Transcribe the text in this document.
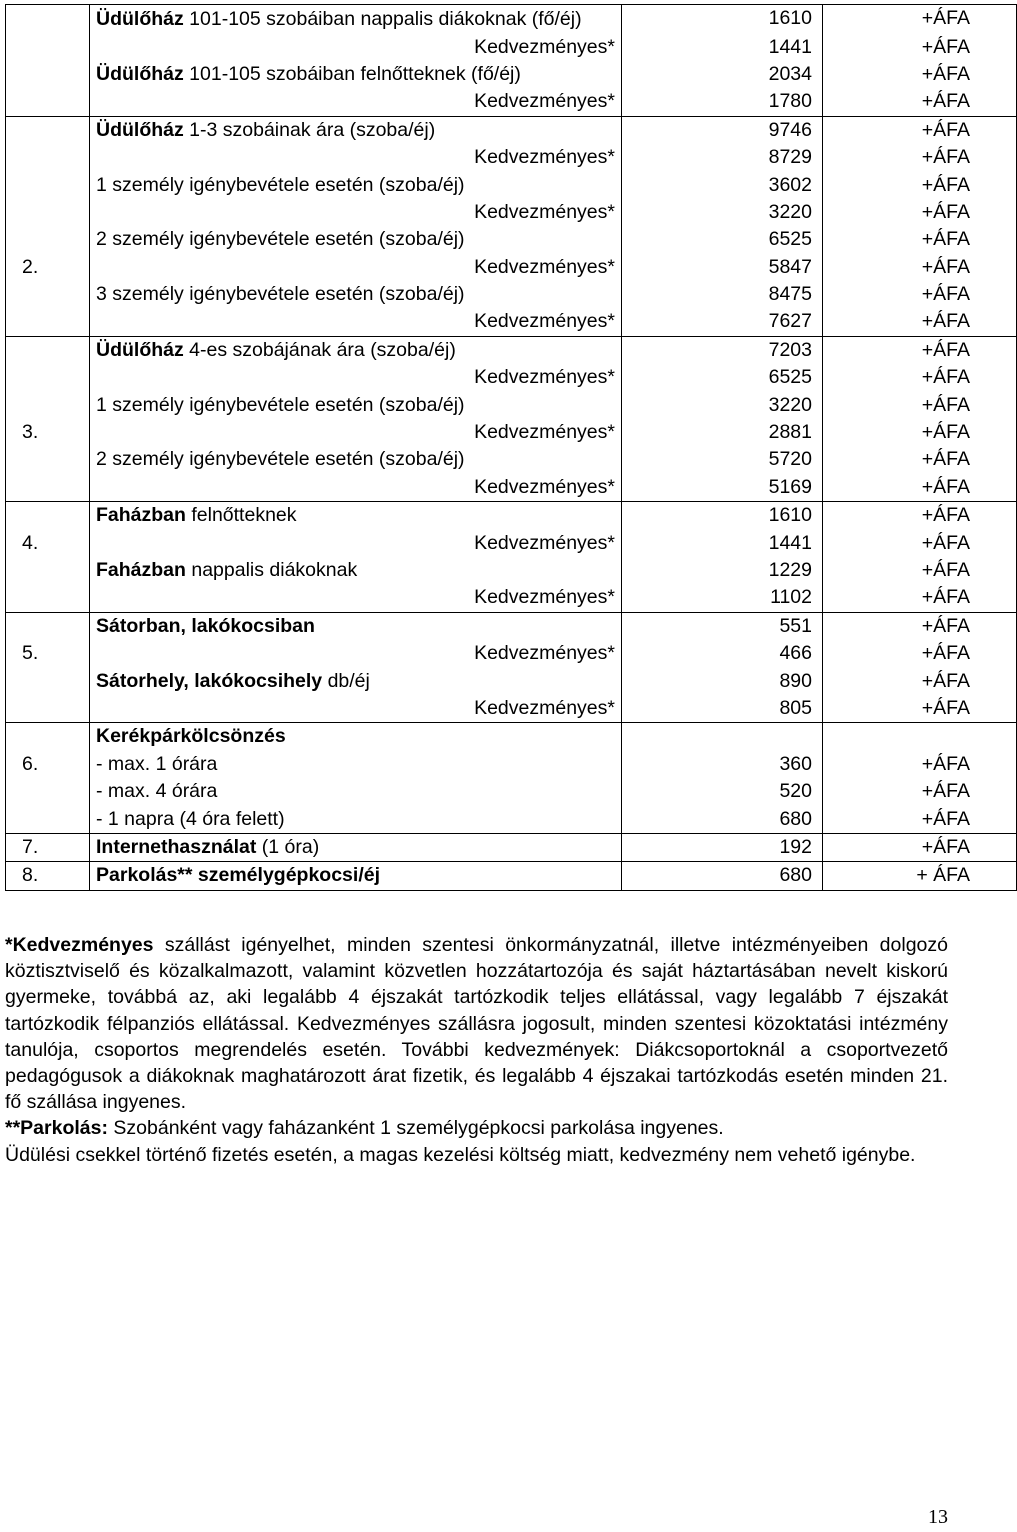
	Üdülőház 101-105 szobáiban nappalis diákoknak (fő/éj)	1610	+ÁFA
	Kedvezményes*	1441	+ÁFA
	Üdülőház 101-105 szobáiban felnőtteknek (fő/éj)	2034	+ÁFA
	Kedvezményes*	1780	+ÁFA
	Üdülőház 1-3 szobáinak ára (szoba/éj)	9746	+ÁFA
	Kedvezményes*	8729	+ÁFA
	1 személy igénybevétele esetén (szoba/éj)	3602	+ÁFA
	Kedvezményes*	3220	+ÁFA
	2 személy igénybevétele esetén (szoba/éj)	6525	+ÁFA
2.	Kedvezményes*	5847	+ÁFA
	3 személy igénybevétele esetén (szoba/éj)	8475	+ÁFA
	Kedvezményes*	7627	+ÁFA
	Üdülőház 4-es szobájának ára (szoba/éj)	7203	+ÁFA
	Kedvezményes*	6525	+ÁFA
	1 személy igénybevétele esetén (szoba/éj)	3220	+ÁFA
3.	Kedvezményes*	2881	+ÁFA
	2 személy igénybevétele esetén (szoba/éj)	5720	+ÁFA
	Kedvezményes*	5169	+ÁFA
	Faházban felnőtteknek	1610	+ÁFA
4.	Kedvezményes*	1441	+ÁFA
	Faházban nappalis diákoknak	1229	+ÁFA
	Kedvezményes*	1102	+ÁFA
	Sátorban, lakókocsiban	551	+ÁFA
5.	Kedvezményes*	466	+ÁFA
	Sátorhely, lakókocsihely db/éj	890	+ÁFA
	Kedvezményes*	805	+ÁFA
	Kerékpárkölcsönzés		
6.	- max. 1 órára	360	+ÁFA
	- max. 4 órára	520	+ÁFA
	- 1 napra (4 óra felett)	680	+ÁFA
7.	Internethasználat (1 óra)	192	+ÁFA
8.	Parkolás** személygépkocsi/éj	680	+ ÁFA

*Kedvezményes szállást igényelhet, minden szentesi önkormányzatnál, illetve intézményeiben dolgozó köztisztviselő és közalkalmazott, valamint közvetlen hozzátartozója és saját háztartásában nevelt kiskorú gyermeke, továbbá az, aki legalább 4 éjszakát tartózkodik teljes ellátással, vagy legalább 7 éjszakát tartózkodik félpanziós ellátással. Kedvezményes szállásra jogosult, minden szentesi közoktatási intézmény tanulója, csoportos megrendelés esetén. További kedvezmények: Diákcsoportoknál a csoportvezető pedagógusok a diákoknak maghatározott árat fizetik, és legalább 4 éjszakai tartózkodás esetén minden 21. fő szállása ingyenes.

**Parkolás: Szobánként vagy faházanként 1 személygépkocsi parkolása ingyenes.

Üdülési csekkel történő fizetés esetén, a magas kezelési költség miatt, kedvezmény nem vehető igénybe.

13
